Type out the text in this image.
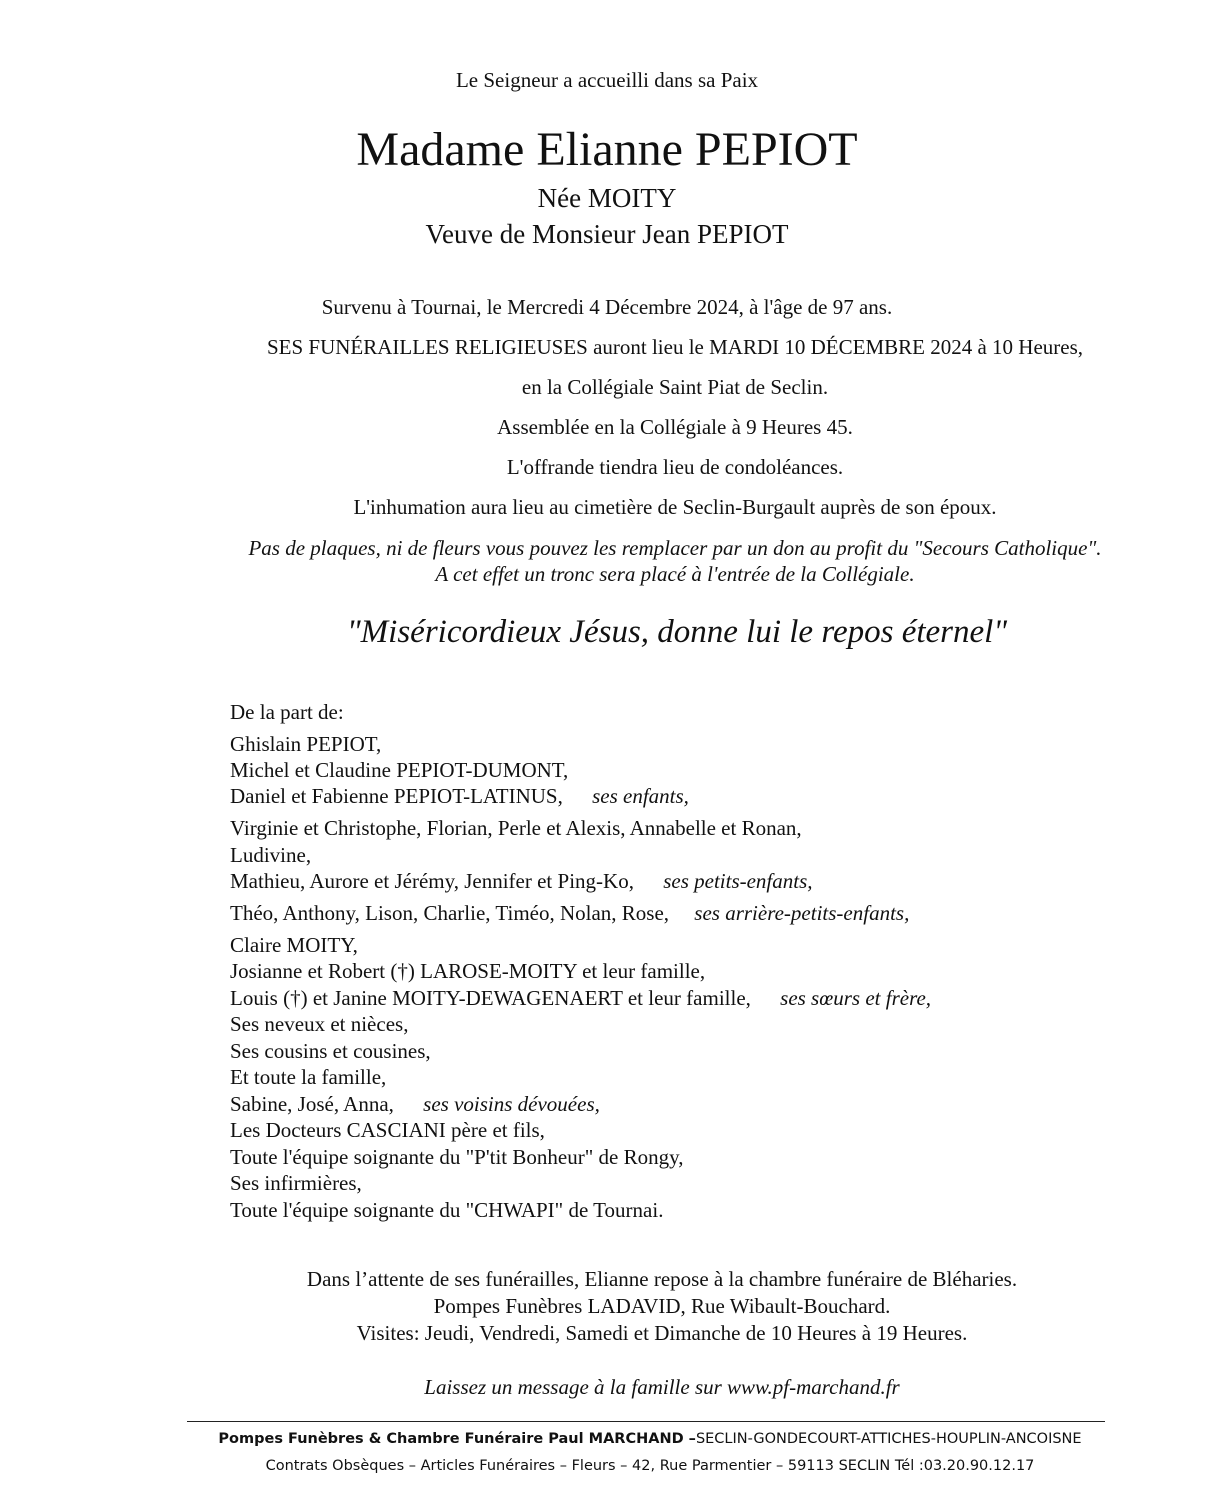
Le Seigneur a accueilli dans sa Paix
Madame Elianne PEPIOT
Née MOITY
Veuve de Monsieur Jean PEPIOT
Survenu à Tournai, le Mercredi 4 Décembre 2024, à l'âge de 97 ans.
SES FUNÉRAILLES RELIGIEUSES auront lieu le MARDI 10 DÉCEMBRE 2024 à 10 Heures,
en la Collégiale Saint Piat de Seclin.
Assemblée en la Collégiale à 9 Heures 45.
L'offrande tiendra lieu de condoléances.
L'inhumation aura lieu au cimetière de Seclin-Burgault auprès de son époux.
Pas de plaques, ni de fleurs vous pouvez les remplacer par un don au profit du "Secours Catholique".
A cet effet un tronc sera placé à l'entrée de la Collégiale.
"Miséricordieux Jésus, donne lui le repos éternel"
De la part de:
Ghislain PEPIOT,
Michel et Claudine PEPIOT-DUMONT,
Daniel et Fabienne PEPIOT-LATINUS, ses enfants,
Virginie et Christophe, Florian, Perle et Alexis, Annabelle et Ronan,
Ludivine,
Mathieu, Aurore et Jérémy, Jennifer et Ping-Ko, ses petits-enfants,
Théo, Anthony, Lison, Charlie, Timéo, Nolan, Rose, ses arrière-petits-enfants,
Claire MOITY,
Josianne et Robert (†) LAROSE-MOITY et leur famille,
Louis (†) et Janine MOITY-DEWAGENAERT et leur famille, ses sœurs et frère,
Ses neveux et nièces,
Ses cousins et cousines,
Et toute la famille,
Sabine, José, Anna, ses voisins dévouées,
Les Docteurs CASCIANI père et fils,
Toute l'équipe soignante du "P'tit Bonheur" de Rongy,
Ses infirmières,
Toute l'équipe soignante du "CHWAPI" de Tournai.
Dans l’attente de ses funérailles, Elianne repose à la chambre funéraire de Bléharies.
Pompes Funèbres LADAVID, Rue Wibault-Bouchard.
Visites: Jeudi, Vendredi, Samedi et Dimanche de 10 Heures à 19 Heures.
Laissez un message à la famille sur www.pf-marchand.fr
Pompes Funèbres & Chambre Funéraire Paul MARCHAND –SECLIN-GONDECOURT-ATTICHES-HOUPLIN-ANCOISNE
Contrats Obsèques – Articles Funéraires – Fleurs – 42, Rue Parmentier – 59113 SECLIN Tél :03.20.90.12.17
